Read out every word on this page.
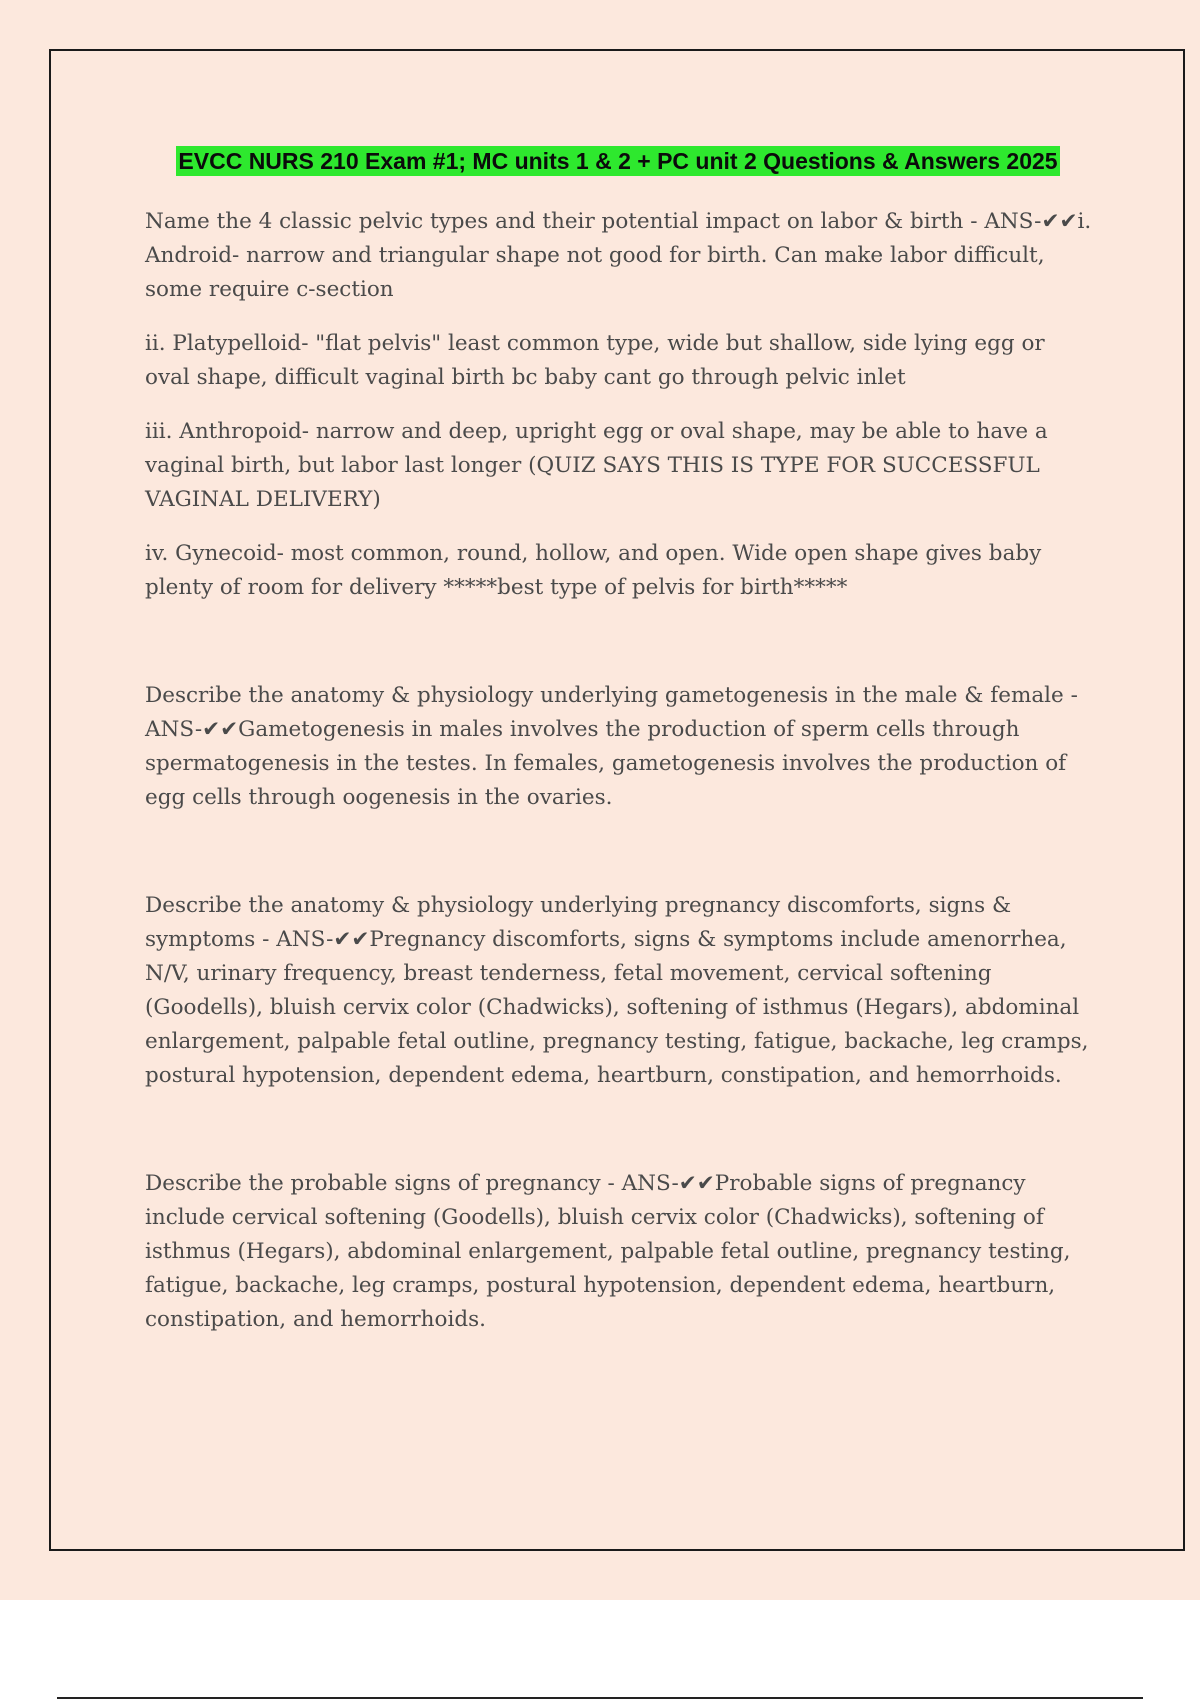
EVCC NURS 210 Exam #1; MC units 1 & 2 + PC unit 2 Questions & Answers 2025

Name the 4 classic pelvic types and their potential impact on labor & birth - ANS-✔✔i. Android- narrow and triangular shape not good for birth. Can make labor difficult, some require c-section

ii. Platypelloid- "flat pelvis" least common type, wide but shallow, side lying egg or oval shape, difficult vaginal birth bc baby cant go through pelvic inlet

iii. Anthropoid- narrow and deep, upright egg or oval shape, may be able to have a vaginal birth, but labor last longer (QUIZ SAYS THIS IS TYPE FOR SUCCESSFUL VAGINAL DELIVERY)

iv. Gynecoid- most common, round, hollow, and open. Wide open shape gives baby plenty of room for delivery *****best type of pelvis for birth*****

Describe the anatomy & physiology underlying gametogenesis in the male & female - ANS-✔✔Gametogenesis in males involves the production of sperm cells through spermatogenesis in the testes. In females, gametogenesis involves the production of egg cells through oogenesis in the ovaries.

Describe the anatomy & physiology underlying pregnancy discomforts, signs & symptoms - ANS-✔✔Pregnancy discomforts, signs & symptoms include amenorrhea, N/V, urinary frequency, breast tenderness, fetal movement, cervical softening (Goodells), bluish cervix color (Chadwicks), softening of isthmus (Hegars), abdominal enlargement, palpable fetal outline, pregnancy testing, fatigue, backache, leg cramps, postural hypotension, dependent edema, heartburn, constipation, and hemorrhoids.

Describe the probable signs of pregnancy - ANS-✔✔Probable signs of pregnancy include cervical softening (Goodells), bluish cervix color (Chadwicks), softening of isthmus (Hegars), abdominal enlargement, palpable fetal outline, pregnancy testing, fatigue, backache, leg cramps, postural hypotension, dependent edema, heartburn, constipation, and hemorrhoids.
